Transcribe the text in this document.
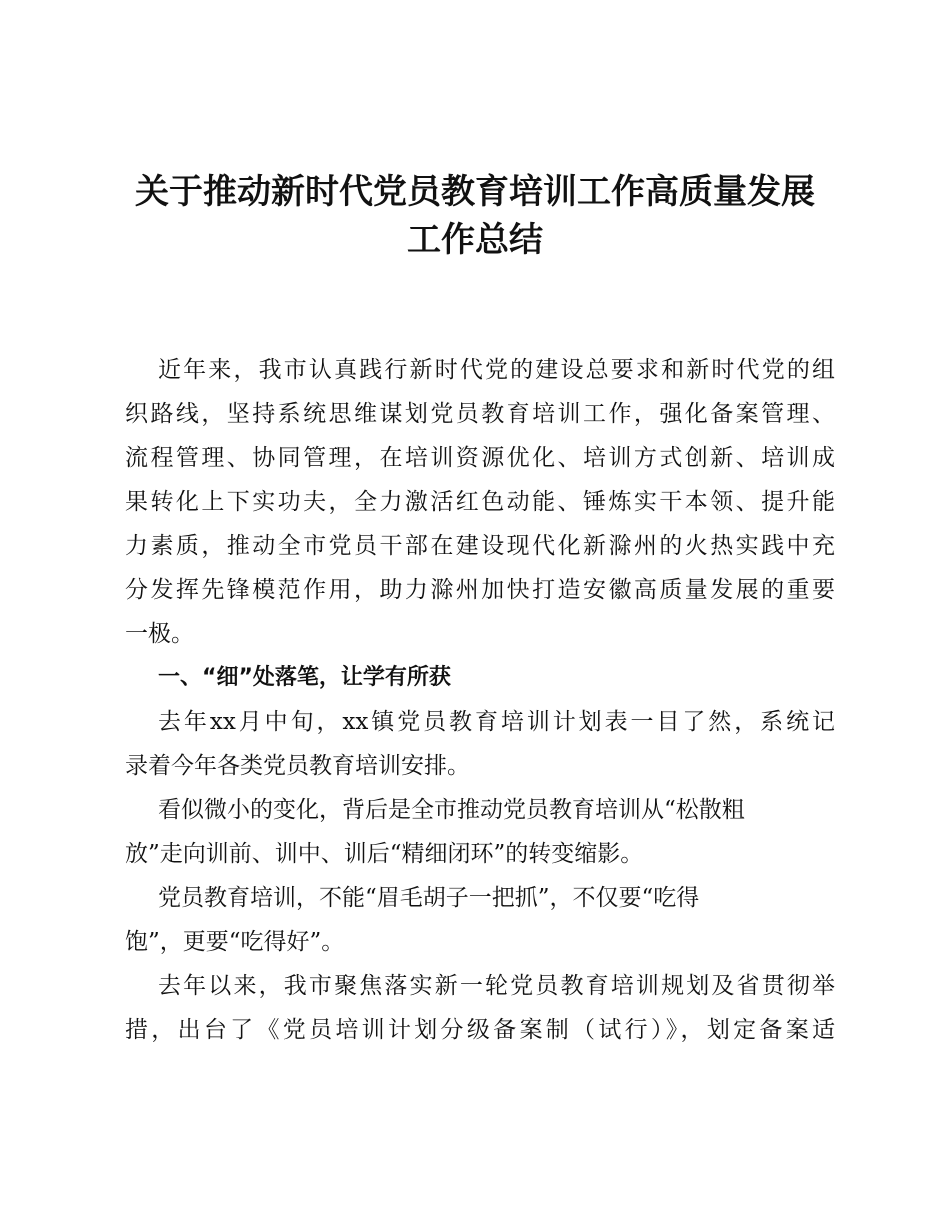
关于推动新时代党员教育培训工作高质量发展
工作总结
近年来，我市认真践行新时代党的建设总要求和新时代党的组
织路线，坚持系统思维谋划党员教育培训工作，强化备案管理、
流程管理、协同管理，在培训资源优化、培训方式创新、培训成
果转化上下实功夫，全力激活红色动能、锤炼实干本领、提升能
力素质，推动全市党员干部在建设现代化新滁州的火热实践中充
分发挥先锋模范作用，助力滁州加快打造安徽高质量发展的重要
一极。
一、“细”处落笔，让学有所获
去年xx月中旬，xx镇党员教育培训计划表一目了然，系统记
录着今年各类党员教育培训安排。
看似微小的变化，背后是全市推动党员教育培训从“松散粗
放”走向训前、训中、训后“精细闭环”的转变缩影。
党员教育培训，不能“眉毛胡子一把抓”，不仅要“吃得
饱”，更要“吃得好”。
去年以来，我市聚焦落实新一轮党员教育培训规划及省贯彻举
措，出台了《党员培训计划分级备案制（试行）》，划定备案适
